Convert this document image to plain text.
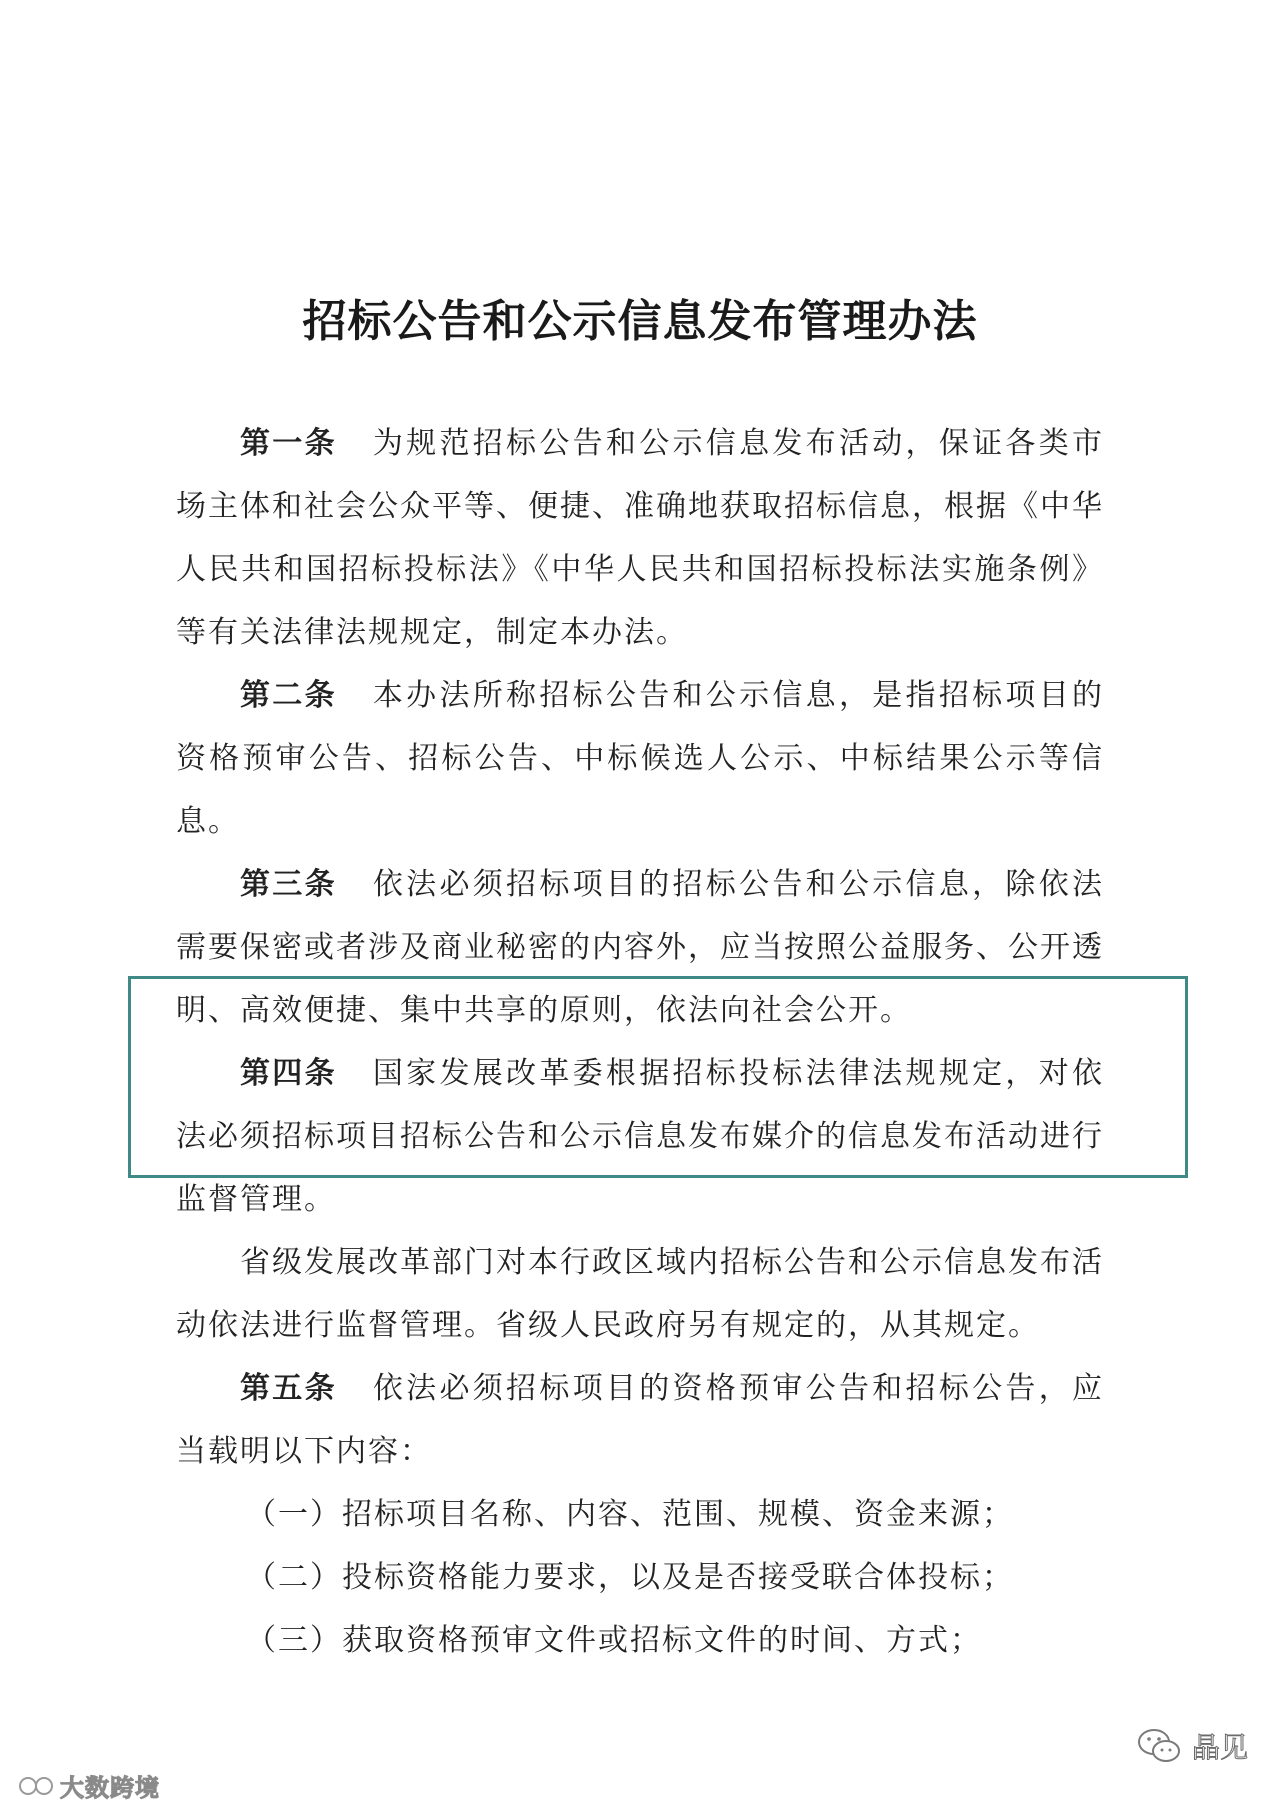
招标公告和公示信息发布管理办法

第一条 为规范招标公告和公示信息发布活动，保证各类市场主体和社会公众平等、便捷、准确地获取招标信息，根据《中华人民共和国招标投标法》《中华人民共和国招标投标法实施条例》等有关法律法规规定，制定本办法。

第二条 本办法所称招标公告和公示信息，是指招标项目的资格预审公告、招标公告、中标候选人公示、中标结果公示等信息。

第三条 依法必须招标项目的招标公告和公示信息，除依法需要保密或者涉及商业秘密的内容外，应当按照公益服务、公开透明、高效便捷、集中共享的原则，依法向社会公开。

第四条 国家发展改革委根据招标投标法律法规规定，对依法必须招标项目招标公告和公示信息发布媒介的信息发布活动进行监督管理。

省级发展改革部门对本行政区域内招标公告和公示信息发布活动依法进行监督管理。省级人民政府另有规定的，从其规定。

第五条 依法必须招标项目的资格预审公告和招标公告，应当载明以下内容：

（一）招标项目名称、内容、范围、规模、资金来源；

（二）投标资格能力要求，以及是否接受联合体投标；

（三）获取资格预审文件或招标文件的时间、方式；

大数跨境
晶见
